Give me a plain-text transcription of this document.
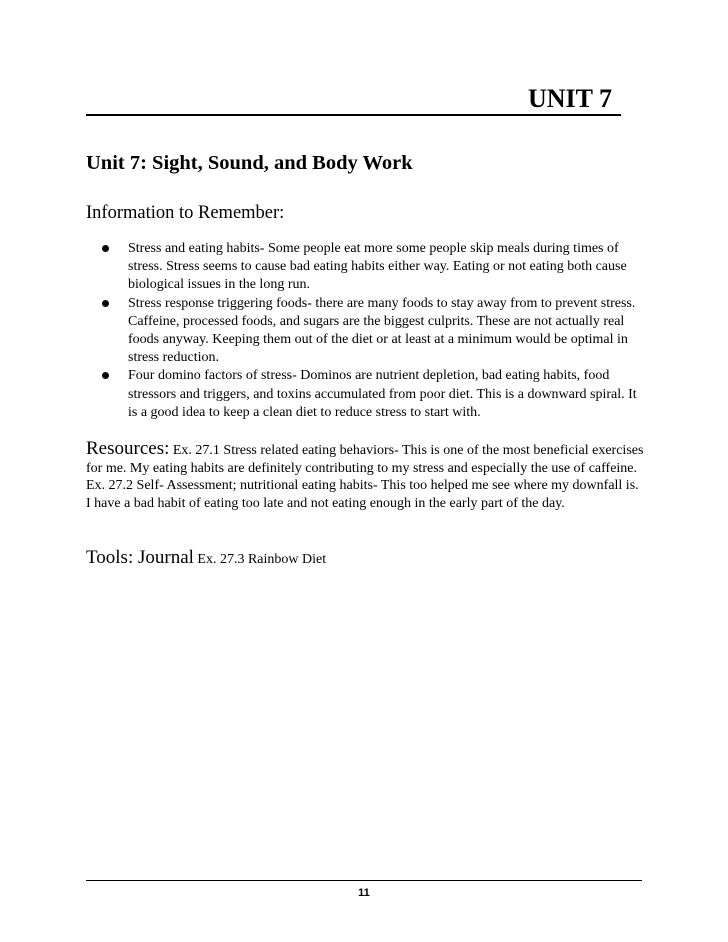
UNIT 7
Unit 7: Sight, Sound, and Body Work
Information to Remember:
Stress and eating habits- Some people eat more some people skip meals during times of stress. Stress seems to cause bad eating habits either way. Eating or not eating both cause biological issues in the long run.
Stress response triggering foods- there are many foods to stay away from to prevent stress. Caffeine, processed foods, and sugars are the biggest culprits. These are not actually real foods anyway. Keeping them out of the diet or at least at a minimum would be optimal in stress reduction.
Four domino factors of stress- Dominos are nutrient depletion, bad eating habits, food stressors and triggers, and toxins accumulated from poor diet. This is a downward spiral. It is a good idea to keep a clean diet to reduce stress to start with.

Resources: Ex. 27.1 Stress related eating behaviors- This is one of the most beneficial exercises for me. My eating habits are definitely contributing to my stress and especially the use of caffeine.

Ex. 27.2 Self- Assessment; nutritional eating habits- This too helped me see where my downfall is. I have a bad habit of eating too late and not eating enough in the early part of the day.

Tools: Journal Ex. 27.3 Rainbow Diet
11
